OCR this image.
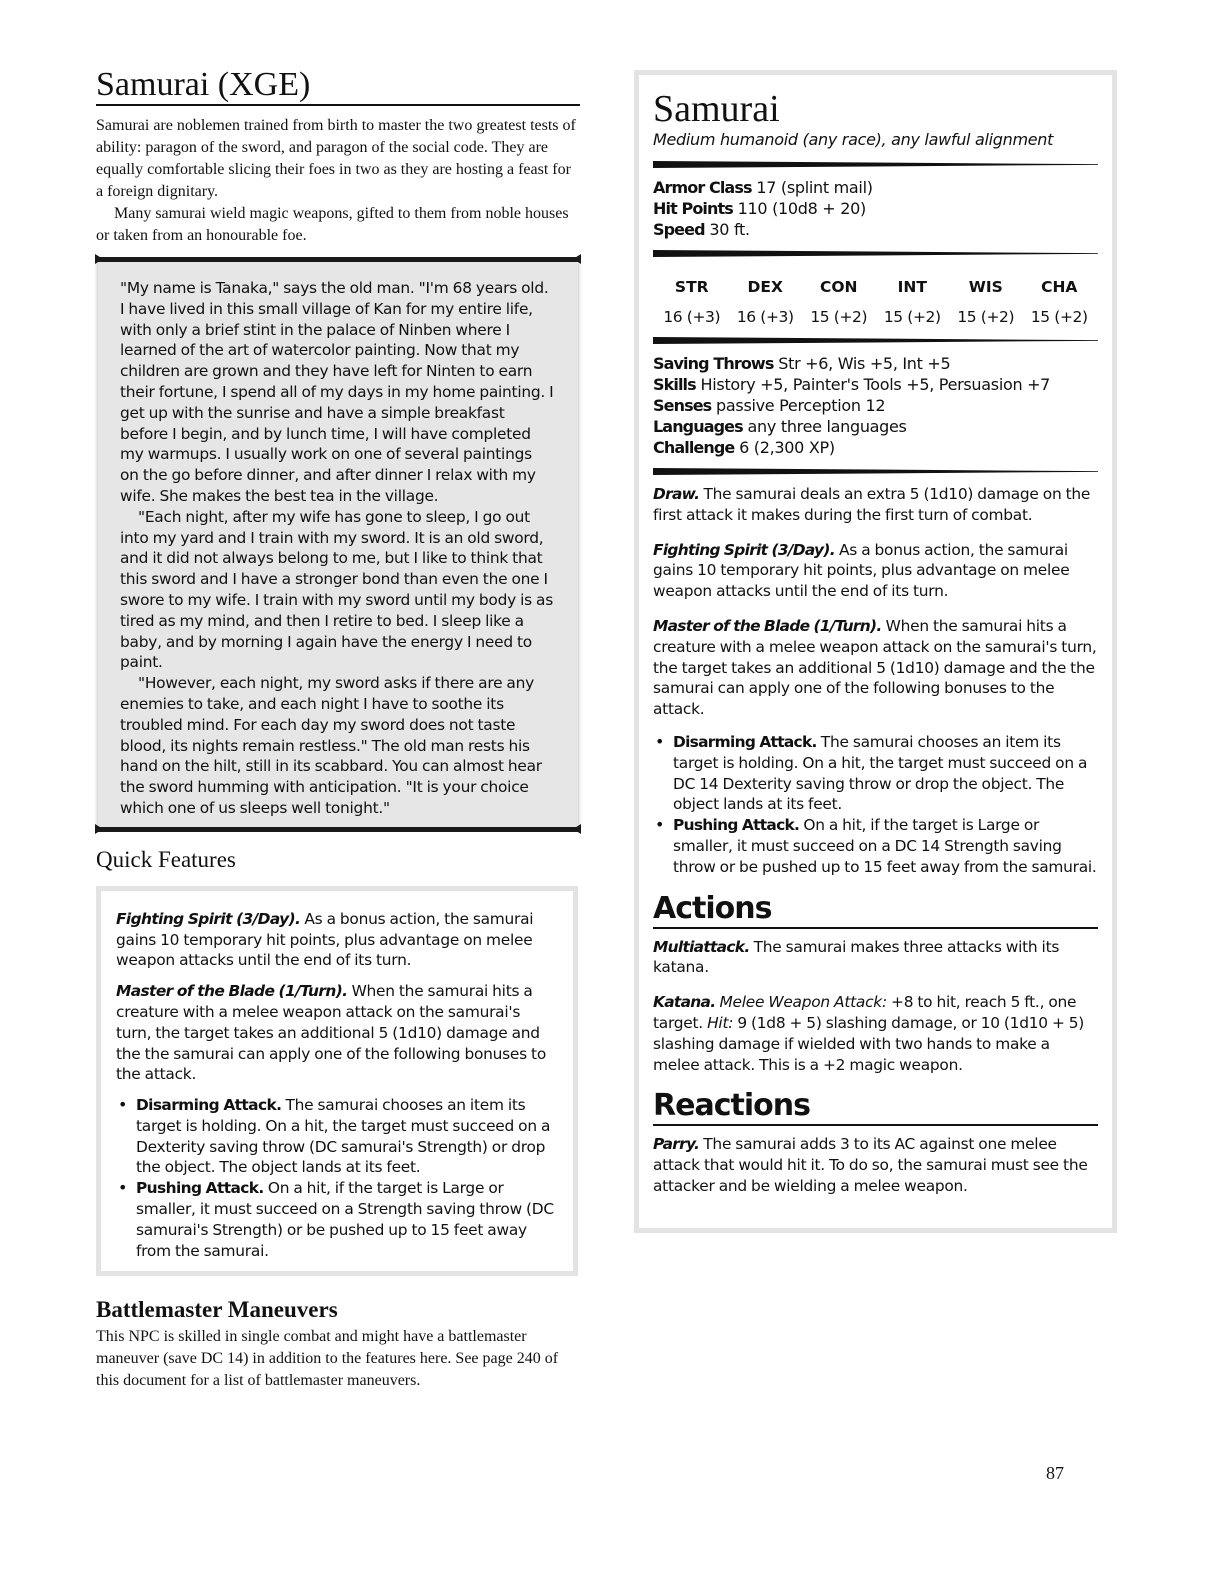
Samurai (XGE)

Samurai are noblemen trained from birth to master the two greatest tests of ability: paragon of the sword, and paragon of the social code. They are equally comfortable slicing their foes in two as they are hosting a feast for a foreign dignitary.

Many samurai wield magic weapons, gifted to them from noble houses or taken from an honourable foe.

"My name is Tanaka," says the old man. "I'm 68 years old. I have lived in this small village of Kan for my entire life, with only a brief stint in the palace of Ninben where I learned of the art of watercolor painting. Now that my children are grown and they have left for Ninten to earn their fortune, I spend all of my days in my home painting. I get up with the sunrise and have a simple breakfast before I begin, and by lunch time, I will have completed my warmups. I usually work on one of several paintings on the go before dinner, and after dinner I relax with my wife. She makes the best tea in the village.

"Each night, after my wife has gone to sleep, I go out into my yard and I train with my sword. It is an old sword, and it did not always belong to me, but I like to think that this sword and I have a stronger bond than even the one I swore to my wife. I train with my sword until my body is as tired as my mind, and then I retire to bed. I sleep like a baby, and by morning I again have the energy I need to paint.

"However, each night, my sword asks if there are any enemies to take, and each night I have to soothe its troubled mind. For each day my sword does not taste blood, its nights remain restless." The old man rests his hand on the hilt, still in its scabbard. You can almost hear the sword humming with anticipation. "It is your choice which one of us sleeps well tonight."

Quick Features

Fighting Spirit (3/Day). As a bonus action, the samurai gains 10 temporary hit points, plus advantage on melee weapon attacks until the end of its turn.

Master of the Blade (1/Turn). When the samurai hits a creature with a melee weapon attack on the samurai's turn, the target takes an additional 5 (1d10) damage and the the samurai can apply one of the following bonuses to the attack.

• Disarming Attack. The samurai chooses an item its target is holding. On a hit, the target must succeed on a Dexterity saving throw (DC samurai's Strength) or drop the object. The object lands at its feet.
• Pushing Attack. On a hit, if the target is Large or smaller, it must succeed on a Strength saving throw (DC samurai's Strength) or be pushed up to 15 feet away from the samurai.
Battlemaster Maneuvers

This NPC is skilled in single combat and might have a battlemaster maneuver (save DC 14) in addition to the features here. See page 240 of this document for a list of battlemaster maneuvers.

Samurai

Medium humanoid (any race), any lawful alignment

Armor Class 17 (splint mail)

Hit Points 110 (10d8 + 20)

Speed 30 ft.

STR
16 (+3)
DEX
16 (+3)
CON
15 (+2)
INT
15 (+2)
WIS
15 (+2)
CHA
15 (+2)

Saving Throws Str +6, Wis +5, Int +5

Skills History +5, Painter's Tools +5, Persuasion +7

Senses passive Perception 12

Languages any three languages

Challenge 6 (2,300 XP)

Draw. The samurai deals an extra 5 (1d10) damage on the first attack it makes during the first turn of combat.

Fighting Spirit (3/Day). As a bonus action, the samurai gains 10 temporary hit points, plus advantage on melee weapon attacks until the end of its turn.

Master of the Blade (1/Turn). When the samurai hits a creature with a melee weapon attack on the samurai's turn, the target takes an additional 5 (1d10) damage and the the samurai can apply one of the following bonuses to the attack.

• Disarming Attack. The samurai chooses an item its target is holding. On a hit, the target must succeed on a DC 14 Dexterity saving throw or drop the object. The object lands at its feet.
• Pushing Attack. On a hit, if the target is Large or smaller, it must succeed on a DC 14 Strength saving throw or be pushed up to 15 feet away from the samurai.
Actions

Multiattack. The samurai makes three attacks with its katana.

Katana. Melee Weapon Attack: +8 to hit, reach 5 ft., one target. Hit: 9 (1d8 + 5) slashing damage, or 10 (1d10 + 5) slashing damage if wielded with two hands to make a melee attack. This is a +2 magic weapon.

Reactions

Parry. The samurai adds 3 to its AC against one melee attack that would hit it. To do so, the samurai must see the attacker and be wielding a melee weapon.

87
